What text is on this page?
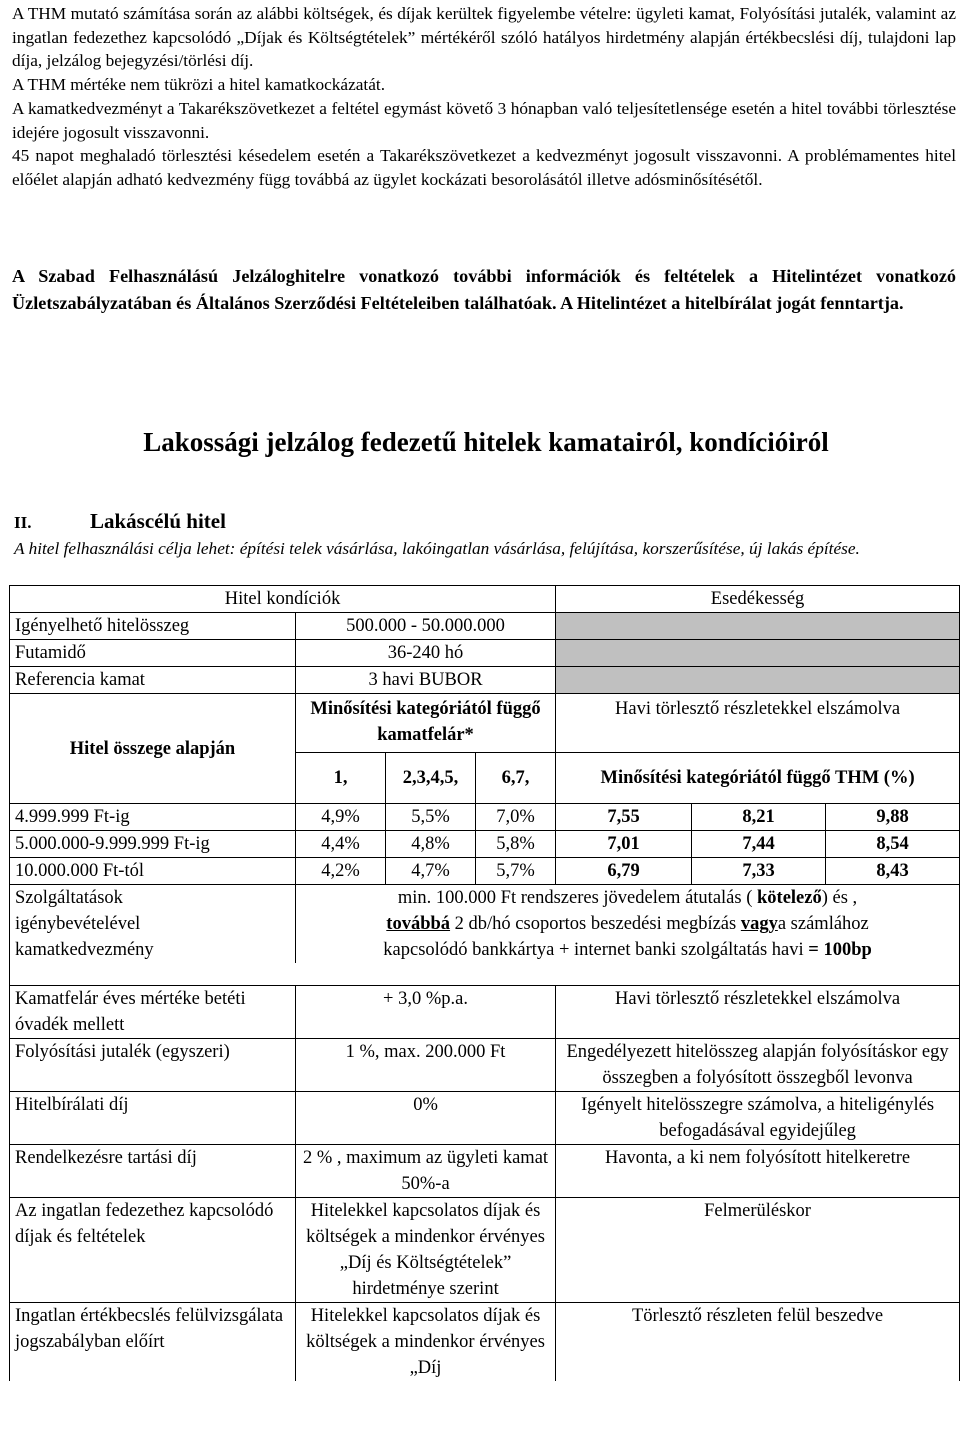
A THM mutató számítása során az alábbi költségek, és díjak kerültek figyelembe vételre: ügyleti kamat, Folyósítási jutalék, valamint az ingatlan fedezethez kapcsolódó „Díjak és Költségtételek” mértékéről szóló hatályos hirdetmény alapján értékbecslési díj, tulajdoni lap díja, jelzálog bejegyzési/törlési díj.
A THM mértéke nem tükrözi a hitel kamatkockázatát.

A kamatkedvezményt a Takarékszövetkezet a feltétel egymást követő 3 hónapban való teljesítetlensége esetén a hitel további törlesztése idejére jogosult visszavonni.

45 napot meghaladó törlesztési késedelem esetén a Takarékszövetkezet a kedvezményt jogosult visszavonni. A problémamentes hitel előélet alapján adható kedvezmény függ továbbá az ügylet kockázati besorolásától illetve adósminősítésétől.

A Szabad Felhasználású Jelzáloghitelre vonatkozó további információk és feltételek a Hitelintézet vonatkozó Üzletszabályzatában és Általános Szerződési Feltételeiben találhatóak. A Hitelintézet a hitelbírálat jogát fenntartja.

Lakossági jelzálog fedezetű hitelek kamatairól, kondícióiról
II.	Lakáscélú hitel

A hitel felhasználási célja lehet: építési telek vásárlása, lakóingatlan vásárlása, felújítása, korszerűsítése, új lakás építése.

Hitel kondíciók				Esedékesség		
Igényelhető hitelösszeg	500.000 - 50.000.000					
Futamidő	36-240 hó					
Referencia kamat	3 havi BUBOR					
Hitel összege alapján	Minősítési kategóriától függő kamatfelár*			Havi törlesztő részletekkel elszámolva		
	1,	2,3,4,5,	6,7,	Minősítési kategóriától függő THM (%)		
4.999.999 Ft-ig	4,9%	5,5%	7,0%	7,55	8,21	9,88
5.000.000-9.999.999 Ft-ig	4,4%	4,8%	5,8%	7,01	7,44	8,54
10.000.000 Ft-tól	4,2%	4,7%	5,7%	6,79	7,33	8,43
Szolgáltatások
igénybevételével
kamatkedvezmény	min. 100.000 Ft rendszeres jövedelem átutalás ( kötelező) és ,
továbbá 2 db/hó csoportos beszedési megbízás vagya számlához
kapcsolódó bankkártya + internet banki szolgáltatás havi = 100bp					

Kamatfelár éves mértéke betéti óvadék mellett	+ 3,0 %p.a.			Havi törlesztő részletekkel elszámolva		
Folyósítási jutalék (egyszeri)	1 %, max. 200.000 Ft			Engedélyezett hitelösszeg alapján folyósításkor egy összegben a folyósított összegből levonva		
Hitelbírálati díj	0%			Igényelt hitelösszegre számolva, a hiteligénylés befogadásával egyidejűleg		
Rendelkezésre tartási díj	2 % , maximum az ügyleti kamat 50%-a			Havonta, a ki nem folyósított hitelkeretre		
Az ingatlan fedezethez kapcsolódó díjak és feltételek	Hitelekkel kapcsolatos díjak és költségek a mindenkor érvényes „Díj és Költségtételek” hirdetménye szerint			Felmerüléskor		
Ingatlan értékbecslés felülvizsgálata jogszabályban előírt	Hitelekkel kapcsolatos díjak és költségek a mindenkor érvényes „Díj			Törlesztő részleten felül beszedve		
